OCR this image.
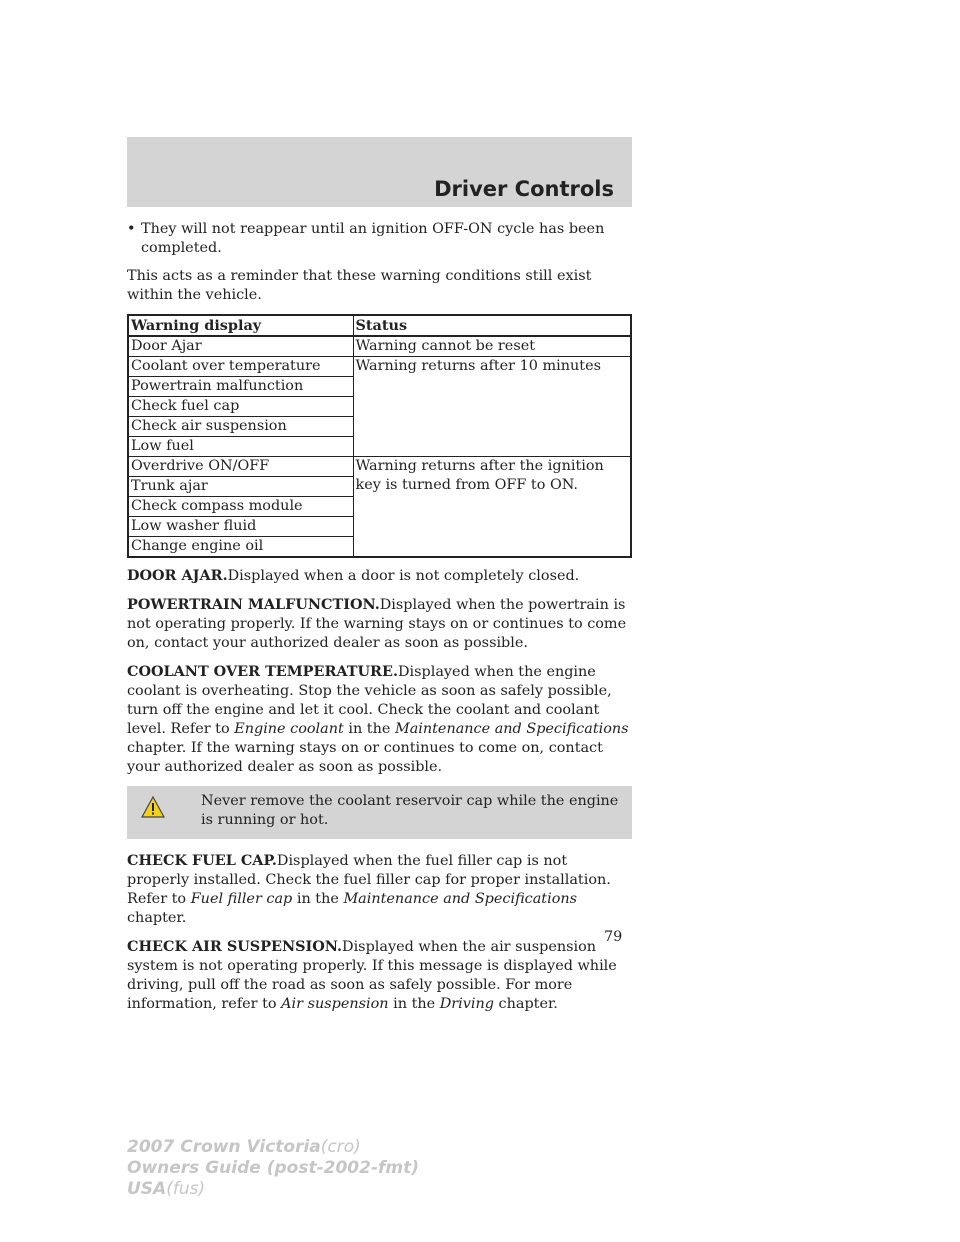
Driver Controls
• They will not reappear until an ignition OFF-ON cycle has been completed.

This acts as a reminder that these warning conditions still exist within the vehicle.

Warning display	Status
Door Ajar	Warning cannot be reset
Coolant over temperature	Warning returns after 10 minutes
Powertrain malfunction	
Check fuel cap	
Check air suspension	
Low fuel	
Overdrive ON/OFF	Warning returns after the ignition key is turned from OFF to ON.
Trunk ajar	
Check compass module	
Low washer fluid	
Change engine oil	

DOOR AJAR.Displayed when a door is not completely closed.

POWERTRAIN MALFUNCTION.Displayed when the powertrain is not operating properly. If the warning stays on or continues to come on, contact your authorized dealer as soon as possible.

COOLANT OVER TEMPERATURE.Displayed when the engine coolant is overheating. Stop the vehicle as soon as safely possible, turn off the engine and let it cool. Check the coolant and coolant level. Refer to Engine coolant in the Maintenance and Specifications chapter. If the warning stays on or continues to come on, contact your authorized dealer as soon as possible.

Never remove the coolant reservoir cap while the engine is running or hot.

CHECK FUEL CAP.Displayed when the fuel filler cap is not properly installed. Check the fuel filler cap for proper installation. Refer to Fuel filler cap in the Maintenance and Specifications chapter.

CHECK AIR SUSPENSION.Displayed when the air suspension system is not operating properly. If this message is displayed while driving, pull off the road as soon as safely possible. For more information, refer to Air suspension in the Driving chapter.

79
2007 Crown Victoria(cro)
Owners Guide (post-2002-fmt)
USA(fus)
